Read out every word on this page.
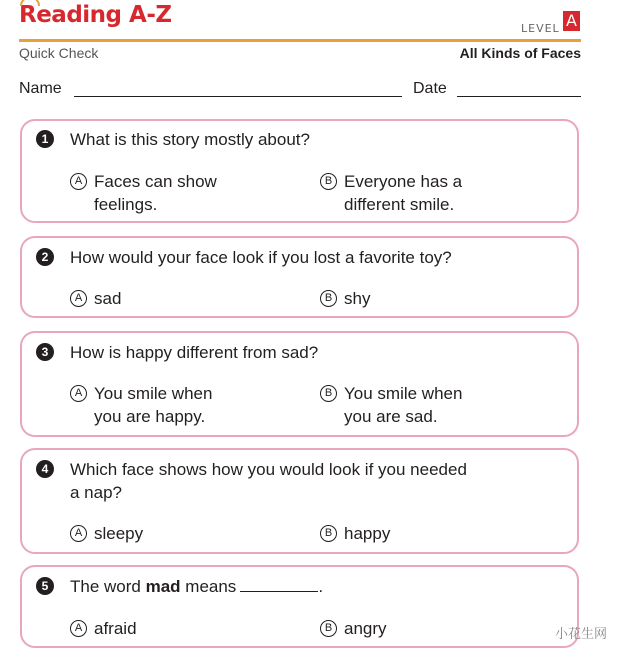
Reading A-Z
LEVEL A
Quick Check	All Kinds of Faces
Name	Date
1	What is this story mostly about?
A Faces can show
feelings.
B Everyone has a
different smile.
2	How would your face look if you lost a favorite toy?
A sad	B shy
3	How is happy different from sad?
A You smile when
you are happy.
B You smile when
you are sad.
4	Which face shows how you would look if you needed a nap?
A sleepy	B happy
5	The word mad means	.
A afraid	B angry	小花生网
